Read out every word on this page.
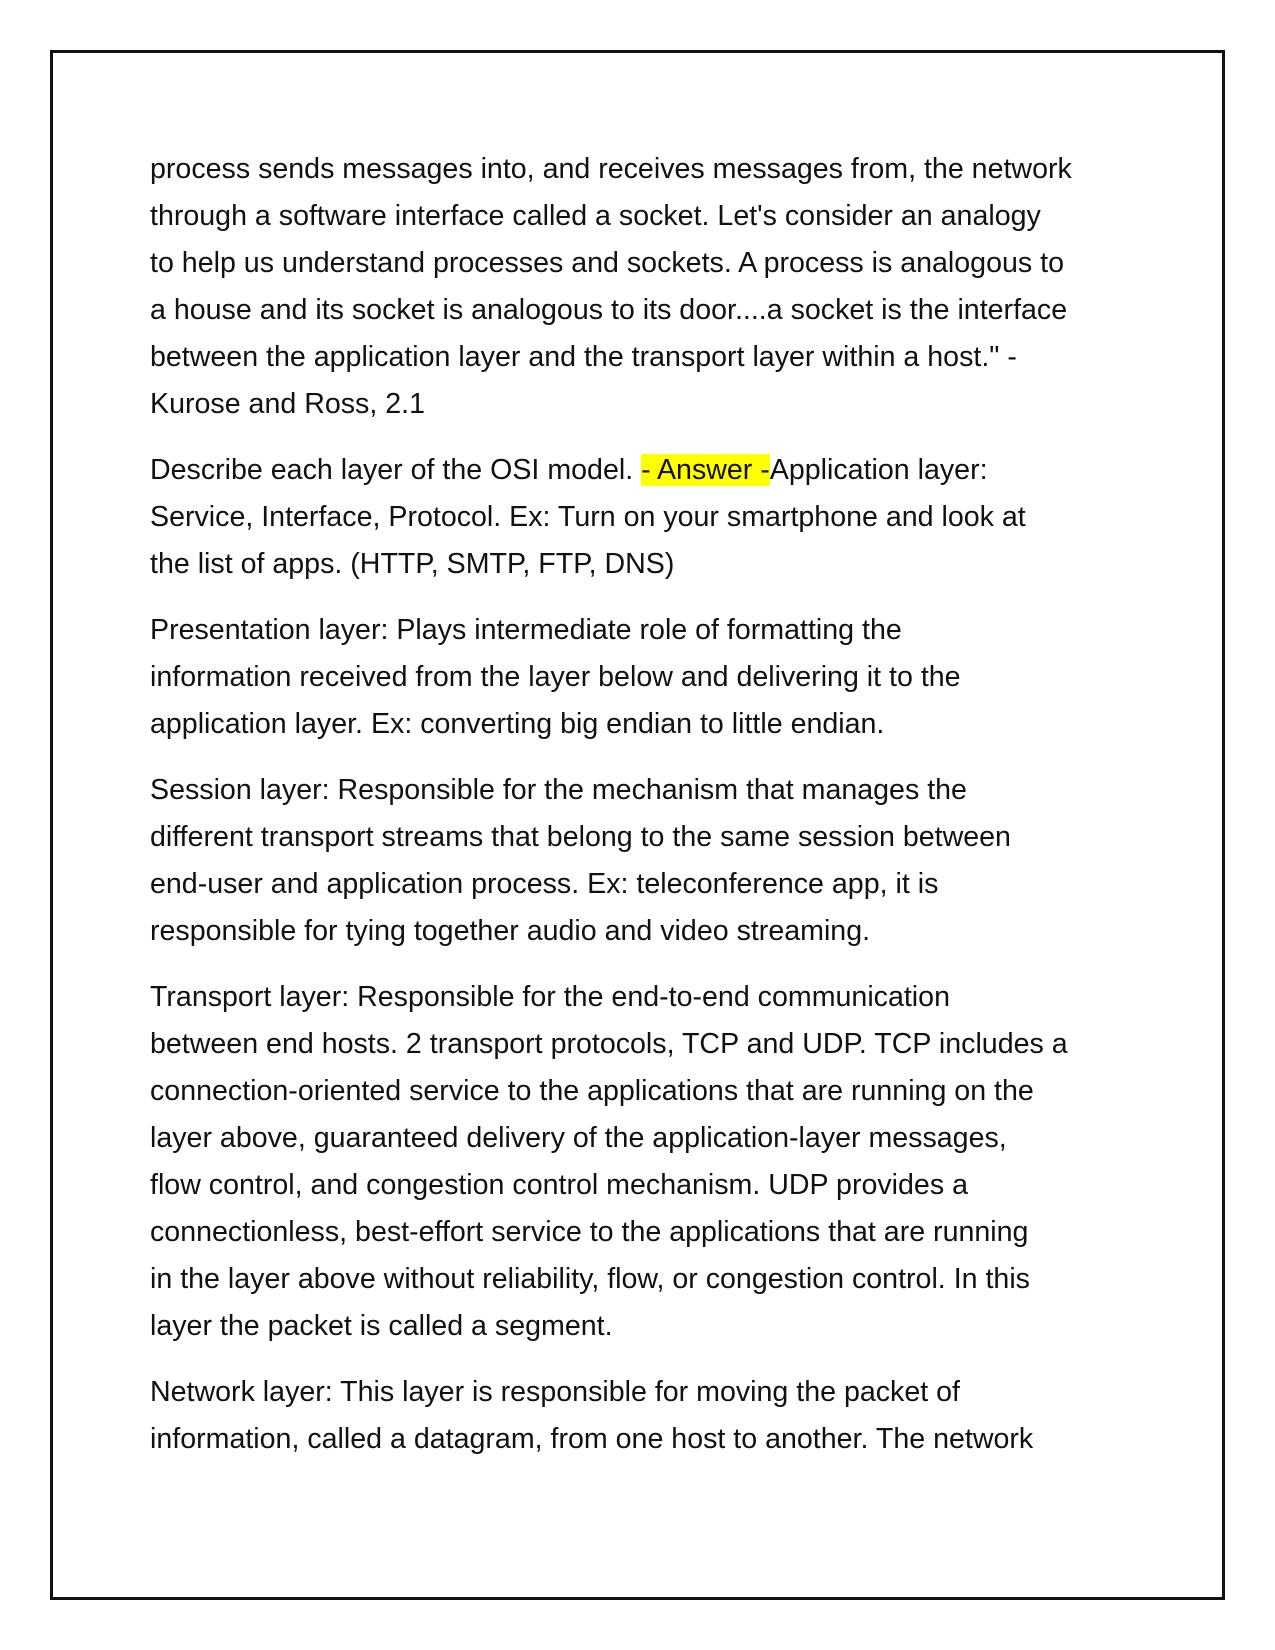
process sends messages into, and receives messages from, the network
through a software interface called a socket. Let's consider an analogy
to help us understand processes and sockets. A process is analogous to
a house and its socket is analogous to its door....a socket is the interface
between the application layer and the transport layer within a host." -
Kurose and Ross, 2.1

Describe each layer of the OSI model. - Answer -Application layer:
Service, Interface, Protocol. Ex: Turn on your smartphone and look at
the list of apps. (HTTP, SMTP, FTP, DNS)

Presentation layer: Plays intermediate role of formatting the
information received from the layer below and delivering it to the
application layer. Ex: converting big endian to little endian.

Session layer: Responsible for the mechanism that manages the
different transport streams that belong to the same session between
end-user and application process. Ex: teleconference app, it is
responsible for tying together audio and video streaming.

Transport layer: Responsible for the end-to-end communication
between end hosts. 2 transport protocols, TCP and UDP. TCP includes a
connection-oriented service to the applications that are running on the
layer above, guaranteed delivery of the application-layer messages,
flow control, and congestion control mechanism. UDP provides a
connectionless, best-effort service to the applications that are running
in the layer above without reliability, flow, or congestion control. In this
layer the packet is called a segment.

Network layer: This layer is responsible for moving the packet of
information, called a datagram, from one host to another. The network
